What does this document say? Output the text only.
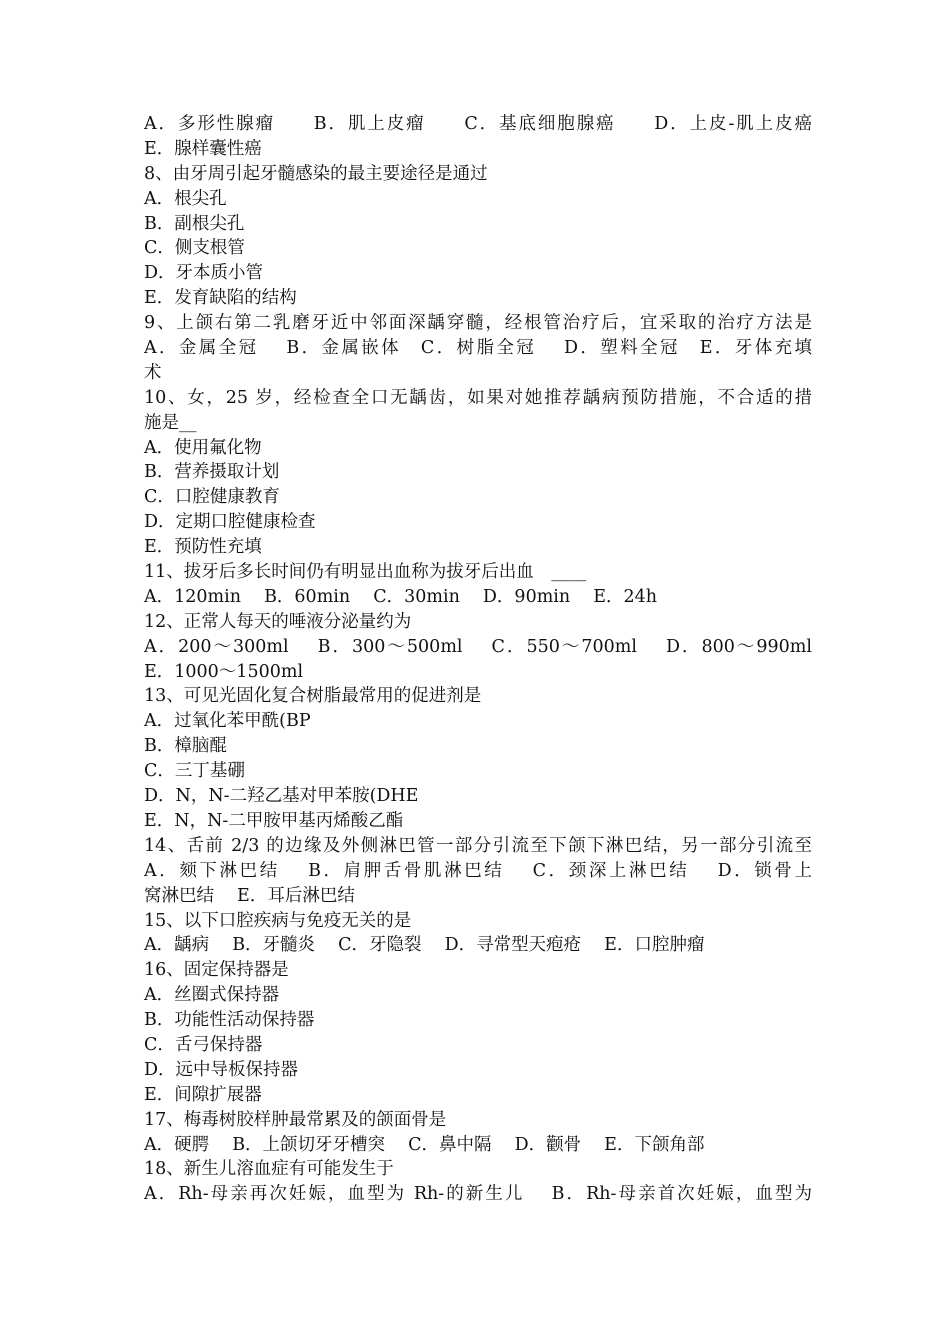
A．多形性腺瘤　　B．肌上皮瘤　　C．基底细胞腺癌　　D．上皮-肌上皮癌
E．腺样囊性癌
8、由牙周引起牙髓感染的最主要途径是通过
A．根尖孔
B．副根尖孔
C．侧支根管
D．牙本质小管
E．发育缺陷的结构
9、上颌右第二乳磨牙近中邻面深龋穿髓，经根管治疗后，宜采取的治疗方法是
A．金属全冠　 B．金属嵌体　C．树脂全冠　 D．塑料全冠　E．牙体充填
术
10、女，25 岁，经检查全口无龋齿，如果对她推荐龋病预防措施，不合适的措
施是__
A．使用氟化物
B．营养摄取计划
C．口腔健康教育
D．定期口腔健康检查
E．预防性充填
11、拔牙后多长时间仍有明显出血称为拔牙后出血　____
A．120min　 B．60min　 C．30min　 D．90min　 E．24h
12、正常人每天的唾液分泌量约为
A．200～300ml　 B．300～500ml　 C．550～700ml　 D．800～990ml
E．1000～1500ml
13、可见光固化复合树脂最常用的促进剂是
A．过氧化苯甲酰(BP
B．樟脑醌
C．三丁基硼
D．N，N-二羟乙基对甲苯胺(DHE
E．N，N-二甲胺甲基丙烯酸乙酯
14、舌前 2/3 的边缘及外侧淋巴管一部分引流至下颌下淋巴结，另一部分引流至
A．颏下淋巴结　 B．肩胛舌骨肌淋巴结　 C．颈深上淋巴结　 D．锁骨上
窝淋巴结　 E．耳后淋巴结
15、以下口腔疾病与免疫无关的是
A．龋病　 B．牙髓炎　 C．牙隐裂　 D．寻常型天疱疮　 E．口腔肿瘤
16、固定保持器是
A．丝圈式保持器
B．功能性活动保持器
C．舌弓保持器
D．远中导板保持器
E．间隙扩展器
17、梅毒树胶样肿最常累及的颌面骨是
A．硬腭　 B．上颌切牙牙槽突　 C．鼻中隔　 D．颧骨　 E．下颌角部
18、新生儿溶血症有可能发生于
A．Rh-母亲再次妊娠，血型为 Rh-的新生儿　 B．Rh-母亲首次妊娠，血型为
